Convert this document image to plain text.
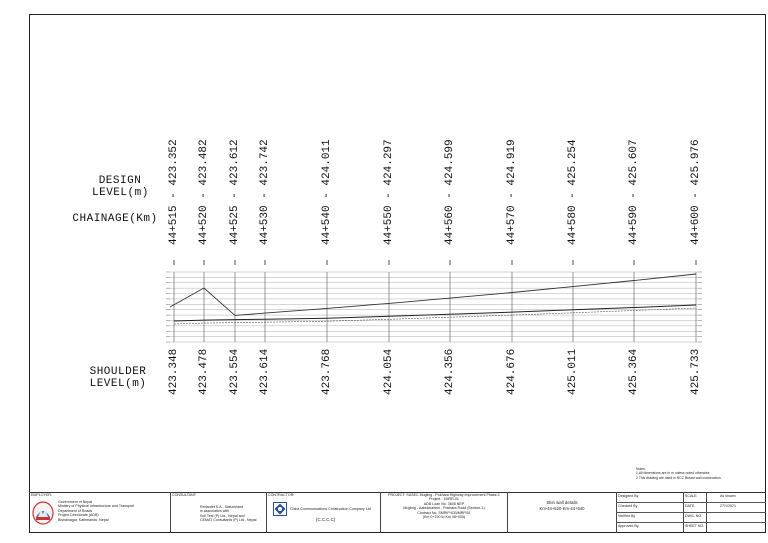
DESIGN
LEVEL(m)
CHAINAGE(Km)
SHOULDER
LEVEL(m)
44+515 - 423.352
423.348
44+520 - 423.482
423.478
44+525 - 423.612
423.554
44+530 - 423.742
423.614
44+540 - 424.011
423.768
44+550 - 424.297
424.054
44+560 - 424.599
424.356
44+570 - 424.919
424.676
44+580 - 425.254
425.011
44+590 - 425.607
425.364
44+600 - 425.976
425.733
Notes:
1.All dimensions are in m unless noted otherwise
2.This drawing are used in RCC Breast wall construction
EMPLOYER:
Government of Nepal
Ministry of Physical Infrastructure and Transport
Department of Roads
Project Directorate (ADB)
Bishalnagar, Kathmandu, Nepal
CONSULTANT:
Renardet S.A., Switzerland
in association with
Soil Test (P) Ltd., Nepal and
CEMAT Consultants (P) Ltd., Nepal
CONTRACTOR:
China Communications Construction Company Ltd
(C.C.C.C)
PROJECT: SASEC Mugling - Pokhara Highway Improvement Phase-1
Project - 1MRR-01
ADB Loan No. 3608 NEP
Mugling - Aabukhaireni - Pokhara Road (Section-1)
Contract No. SMRIP/ICB/MRP/01
(Km 0+220 to Km 48+000)
Skin wall details
Km-44+520-Km-44+540
Designed By
Checked By
Verified By
Approved By
SCALE
DATE:
DWG. NO.
SHEET NO.
As shown
27/1/2021
